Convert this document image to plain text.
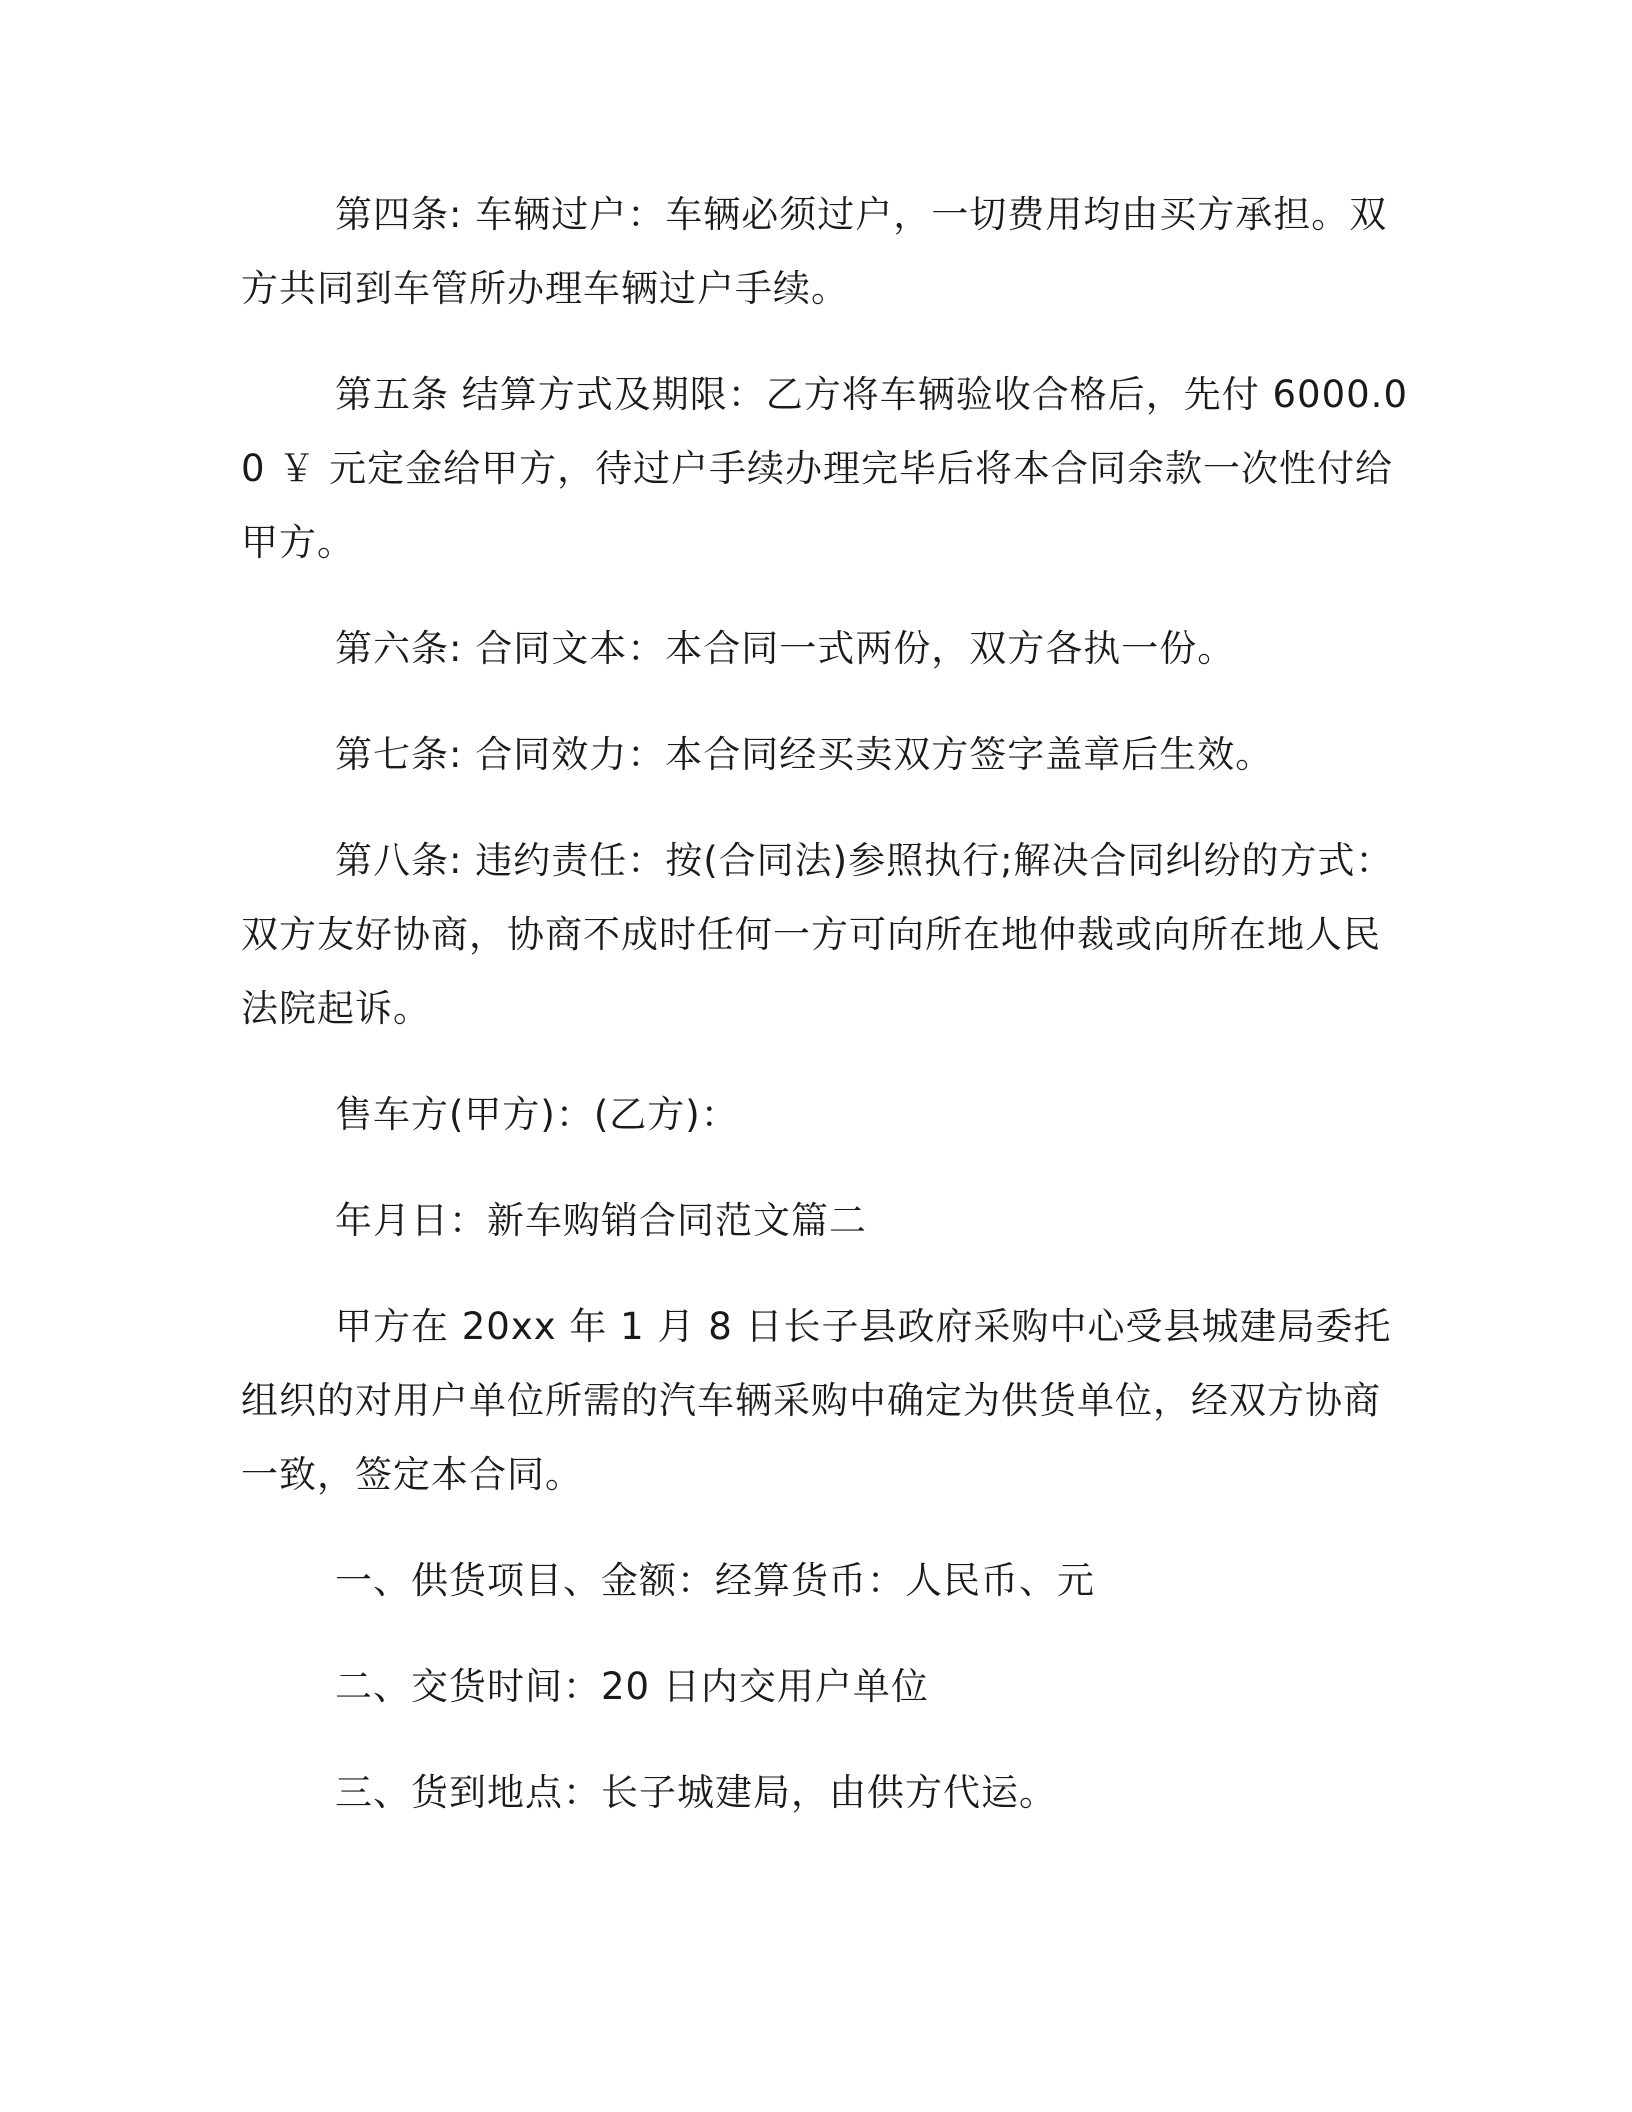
第四条: 车辆过户：车辆必须过户，一切费用均由买方承担。双方共同到车管所办理车辆过户手续。

第五条 结算方式及期限：乙方将车辆验收合格后，先付 6000.00 ￥ 元定金给甲方，待过户手续办理完毕后将本合同余款一次性付给甲方。

第六条: 合同文本：本合同一式两份，双方各执一份。

第七条: 合同效力：本合同经买卖双方签字盖章后生效。

第八条: 违约责任：按(合同法)参照执行;解决合同纠纷的方式：双方友好协商，协商不成时任何一方可向所在地仲裁或向所在地人民法院起诉。

售车方(甲方)：(乙方)：

年月日：新车购销合同范文篇二

甲方在 20xx 年 1 月 8 日长子县政府采购中心受县城建局委托组织的对用户单位所需的汽车辆采购中确定为供货单位，经双方协商一致，签定本合同。

一、供货项目、金额：经算货币：人民币、元

二、交货时间：20 日内交用户单位

三、货到地点：长子城建局，由供方代运。
